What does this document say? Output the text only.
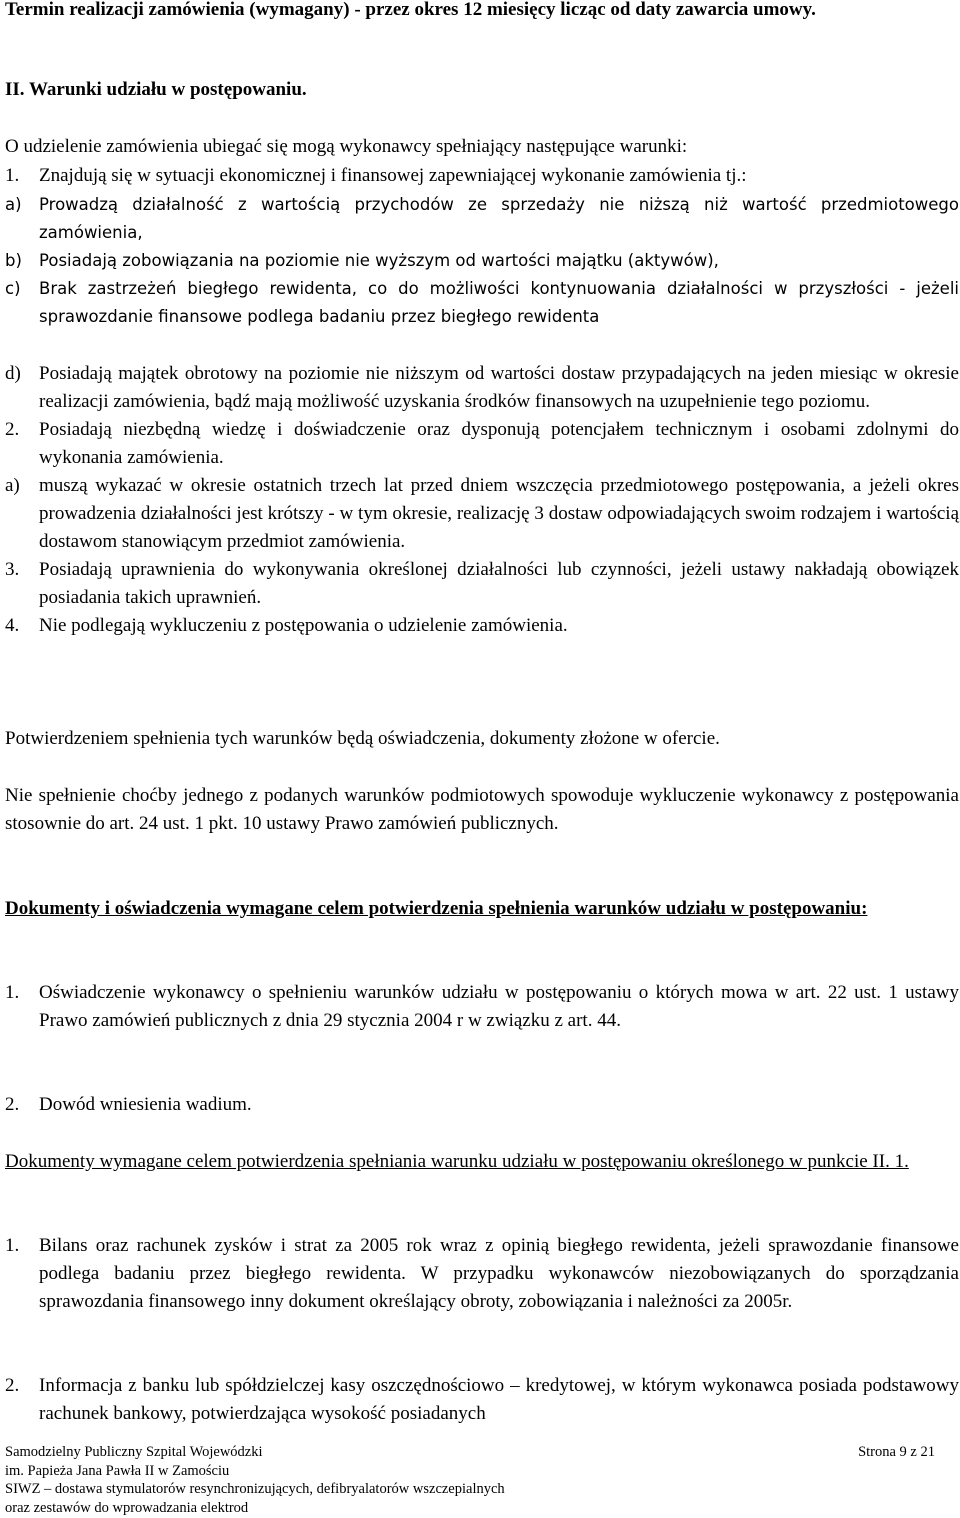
Termin realizacji zamówienia (wymagany) - przez okres 12 miesięcy licząc od daty zawarcia umowy.

II. Warunki udziału w postępowaniu.

O udzielenie zamówienia ubiegać się mogą wykonawcy spełniający następujące warunki:

1.	Znajdują się w sytuacji ekonomicznej i finansowej zapewniającej wykonanie zamówienia tj.:
a)	Prowadzą działalność z wartością przychodów ze sprzedaży nie niższą niż wartość przedmiotowego zamówienia,
b)	Posiadają zobowiązania na poziomie nie wyższym od wartości majątku (aktywów),
c)	Brak zastrzeżeń biegłego rewidenta, co do możliwości kontynuowania działalności w przyszłości - jeżeli sprawozdanie finansowe podlega badaniu przez biegłego rewidenta
d) Posiadają majątek obrotowy na poziomie nie niższym od wartości dostaw przypadających na jeden miesiąc w okresie realizacji zamówienia, bądź mają możliwość uzyskania środków finansowych na uzupełnienie tego poziomu.
2.	Posiadają niezbędną wiedzę i doświadczenie oraz dysponują potencjałem technicznym i osobami zdolnymi do wykonania zamówienia.
a)	muszą wykazać w okresie ostatnich trzech lat przed dniem wszczęcia przedmiotowego postępowania, a jeżeli okres prowadzenia działalności jest krótszy - w tym okresie, realizację 3 dostaw odpowiadających swoim rodzajem i wartością dostawom stanowiącym przedmiot zamówienia.
3.	Posiadają uprawnienia do wykonywania określonej działalności lub czynności, jeżeli ustawy nakładają obowiązek posiadania takich uprawnień.
4.	Nie podlegają wykluczeniu z postępowania o udzielenie zamówienia.

Potwierdzeniem spełnienia tych warunków będą oświadczenia, dokumenty złożone w ofercie.

Nie spełnienie choćby jednego z podanych warunków podmiotowych spowoduje wykluczenie wykonawcy z postępowania stosownie do art. 24 ust. 1 pkt. 10 ustawy Prawo zamówień publicznych.

Dokumenty i oświadczenia wymagane celem potwierdzenia spełnienia warunków udziału w postępowaniu:

1.	Oświadczenie wykonawcy o spełnieniu warunków udziału w postępowaniu o których mowa w art. 22 ust. 1 ustawy Prawo zamówień publicznych z dnia 29 stycznia 2004 r w związku z art. 44.
2.	Dowód wniesienia wadium.

Dokumenty wymagane celem potwierdzenia spełniania warunku udziału w postępowaniu określonego w punkcie II. 1.

1.	Bilans oraz rachunek zysków i strat za 2005 rok wraz z opinią biegłego rewidenta, jeżeli sprawozdanie finansowe podlega badaniu przez biegłego rewidenta. W przypadku wykonawców niezobowiązanych do sporządzania sprawozdania finansowego inny dokument określający obroty, zobowiązania i należności za 2005r.
2.	Informacja z banku lub spółdzielczej kasy oszczędnościowo – kredytowej, w którym wykonawca posiada podstawowy rachunek bankowy, potwierdzająca wysokość posiadanych
Samodzielny Publiczny Szpital Wojewódzki
im. Papieża Jana Pawła II w Zamościu
SIWZ – dostawa stymulatorów resynchronizujących, defibryalatorów wszczepialnych
oraz zestawów do wprowadzania elektrod
Strona 9 z 21
